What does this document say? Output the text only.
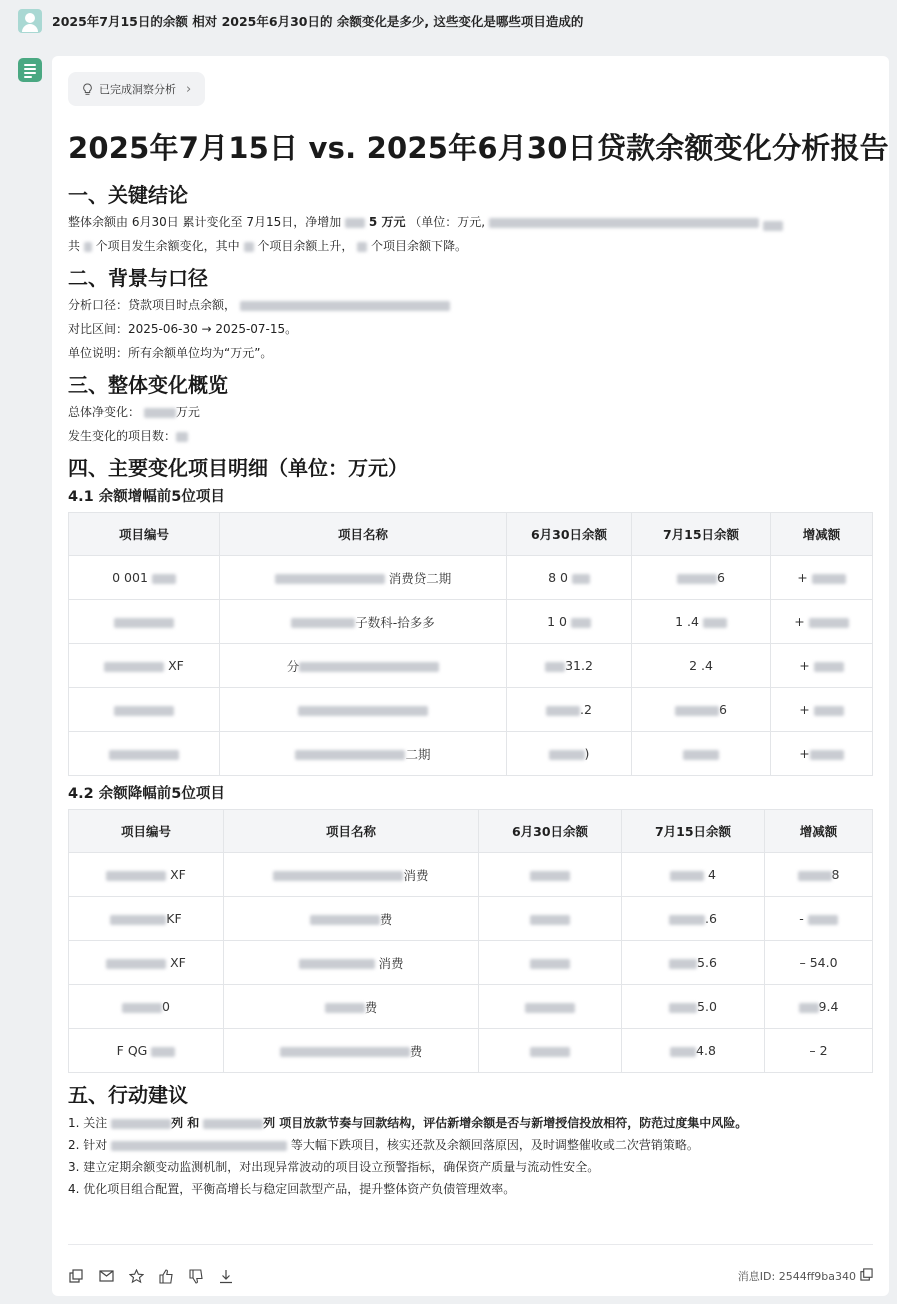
2025年7月15日的余额 相对 2025年6月30日的 余额变化是多少, 这些变化是哪些项目造成的
已完成洞察分析 ›
2025年7月15日 vs. 2025年6月30日贷款余额变化分析报告
一、关键结论

整体余额由 6月30日 累计变化至 7月15日，净增加 5 万元 （单位：万元,

共 个项目发生余额变化，其中 个项目余额上升， 个项目余额下降。

二、背景与口径

分析口径：贷款项目时点余额，

对比区间：2025-06-30 → 2025-07-15。

单位说明：所有余额单位均为“万元”。

三、整体变化概览

总体净变化：	万元

发生变化的项目数：

四、主要变化项目明细（单位：万元）
4.1 余额增幅前5位项目
项目编号	项目名称	6月30日余额	7月15日余额	增减额
0 001	消费贷二期	8 0	6	+
	子数科-拾多多	1 0	1 .4	+
XF	分	31.2	2 .4	+
		.2	6	+
	二期	)		+
4.2 余额降幅前5位项目
项目编号	项目名称	6月30日余额	7月15日余额	增减额
XF	消费		4	8
KF	费		.6	-
XF	消费		5.6	– 54.0
0	费		5.0	9.4
F QG	费		4.8	– 2
五、行动建议
1. 关注	列 和	列 项目放款节奏与回款结构，评估新增余额是否与新增授信投放相符，防范过度集中风险。
2. 针对	等大幅下跌项目，核实还款及余额回落原因，及时调整催收或二次营销策略。
3. 建立定期余额变动监测机制，对出现异常波动的项目设立预警指标，确保资产质量与流动性安全。
4. 优化项目组合配置，平衡高增长与稳定回款型产品，提升整体资产负债管理效率。
消息ID: 2544ff9ba340
